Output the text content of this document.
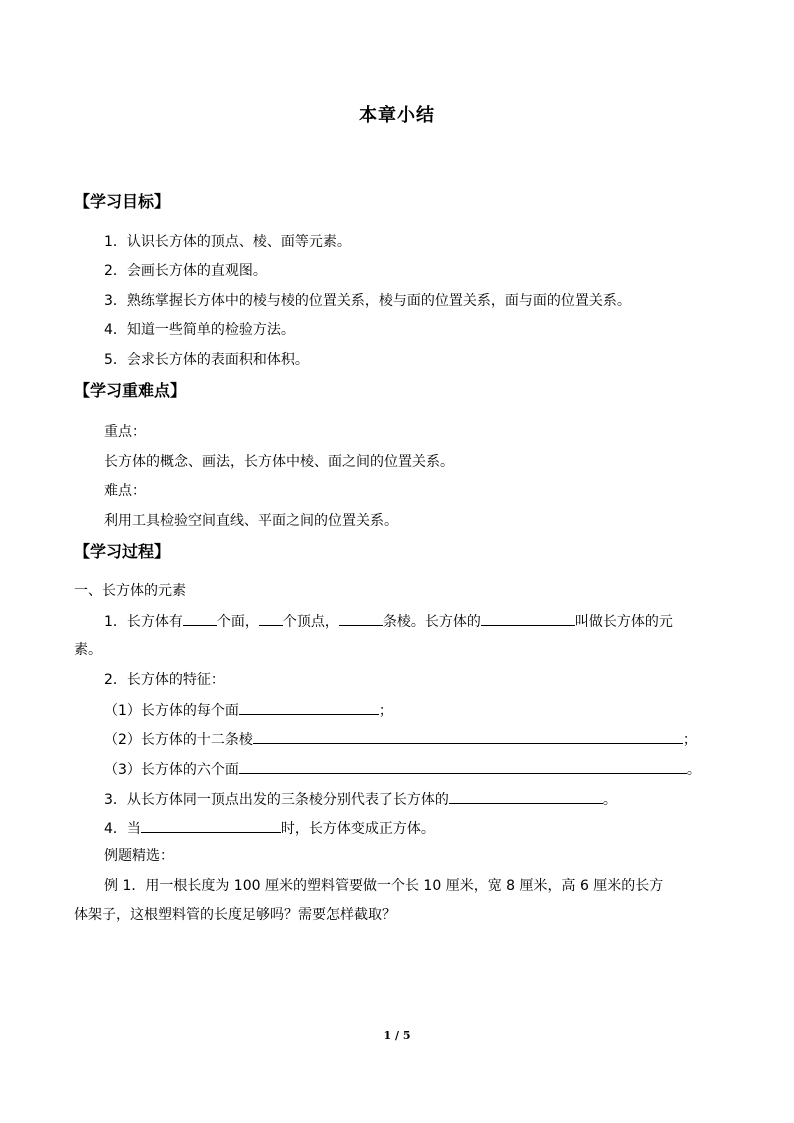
本章小结
【学习目标】
1．认识长方体的顶点、棱、面等元素。
2．会画长方体的直观图。
3．熟练掌握长方体中的棱与棱的位置关系，棱与面的位置关系，面与面的位置关系。
4．知道一些简单的检验方法。
5．会求长方体的表面积和体积。
【学习重难点】
重点：
长方体的概念、画法，长方体中棱、面之间的位置关系。
难点：
利用工具检验空间直线、平面之间的位置关系。
【学习过程】
一、长方体的元素
1．长方体有 个面， 个顶点，	条棱。长方体的	叫做长方体的元
素。
2．长方体的特征：
（1）长方体的每个面	；
（2）长方体的十二条棱	；
（3）长方体的六个面	。
3．从长方体同一顶点出发的三条棱分别代表了长方体的	。
4．当	时，长方体变成正方体。
例题精选：
例 1．用一根长度为 100 厘米的塑料管要做一个长 10 厘米，宽 8 厘米，高 6 厘米的长方
体架子，这根塑料管的长度足够吗？需要怎样截取？
1 / 5
